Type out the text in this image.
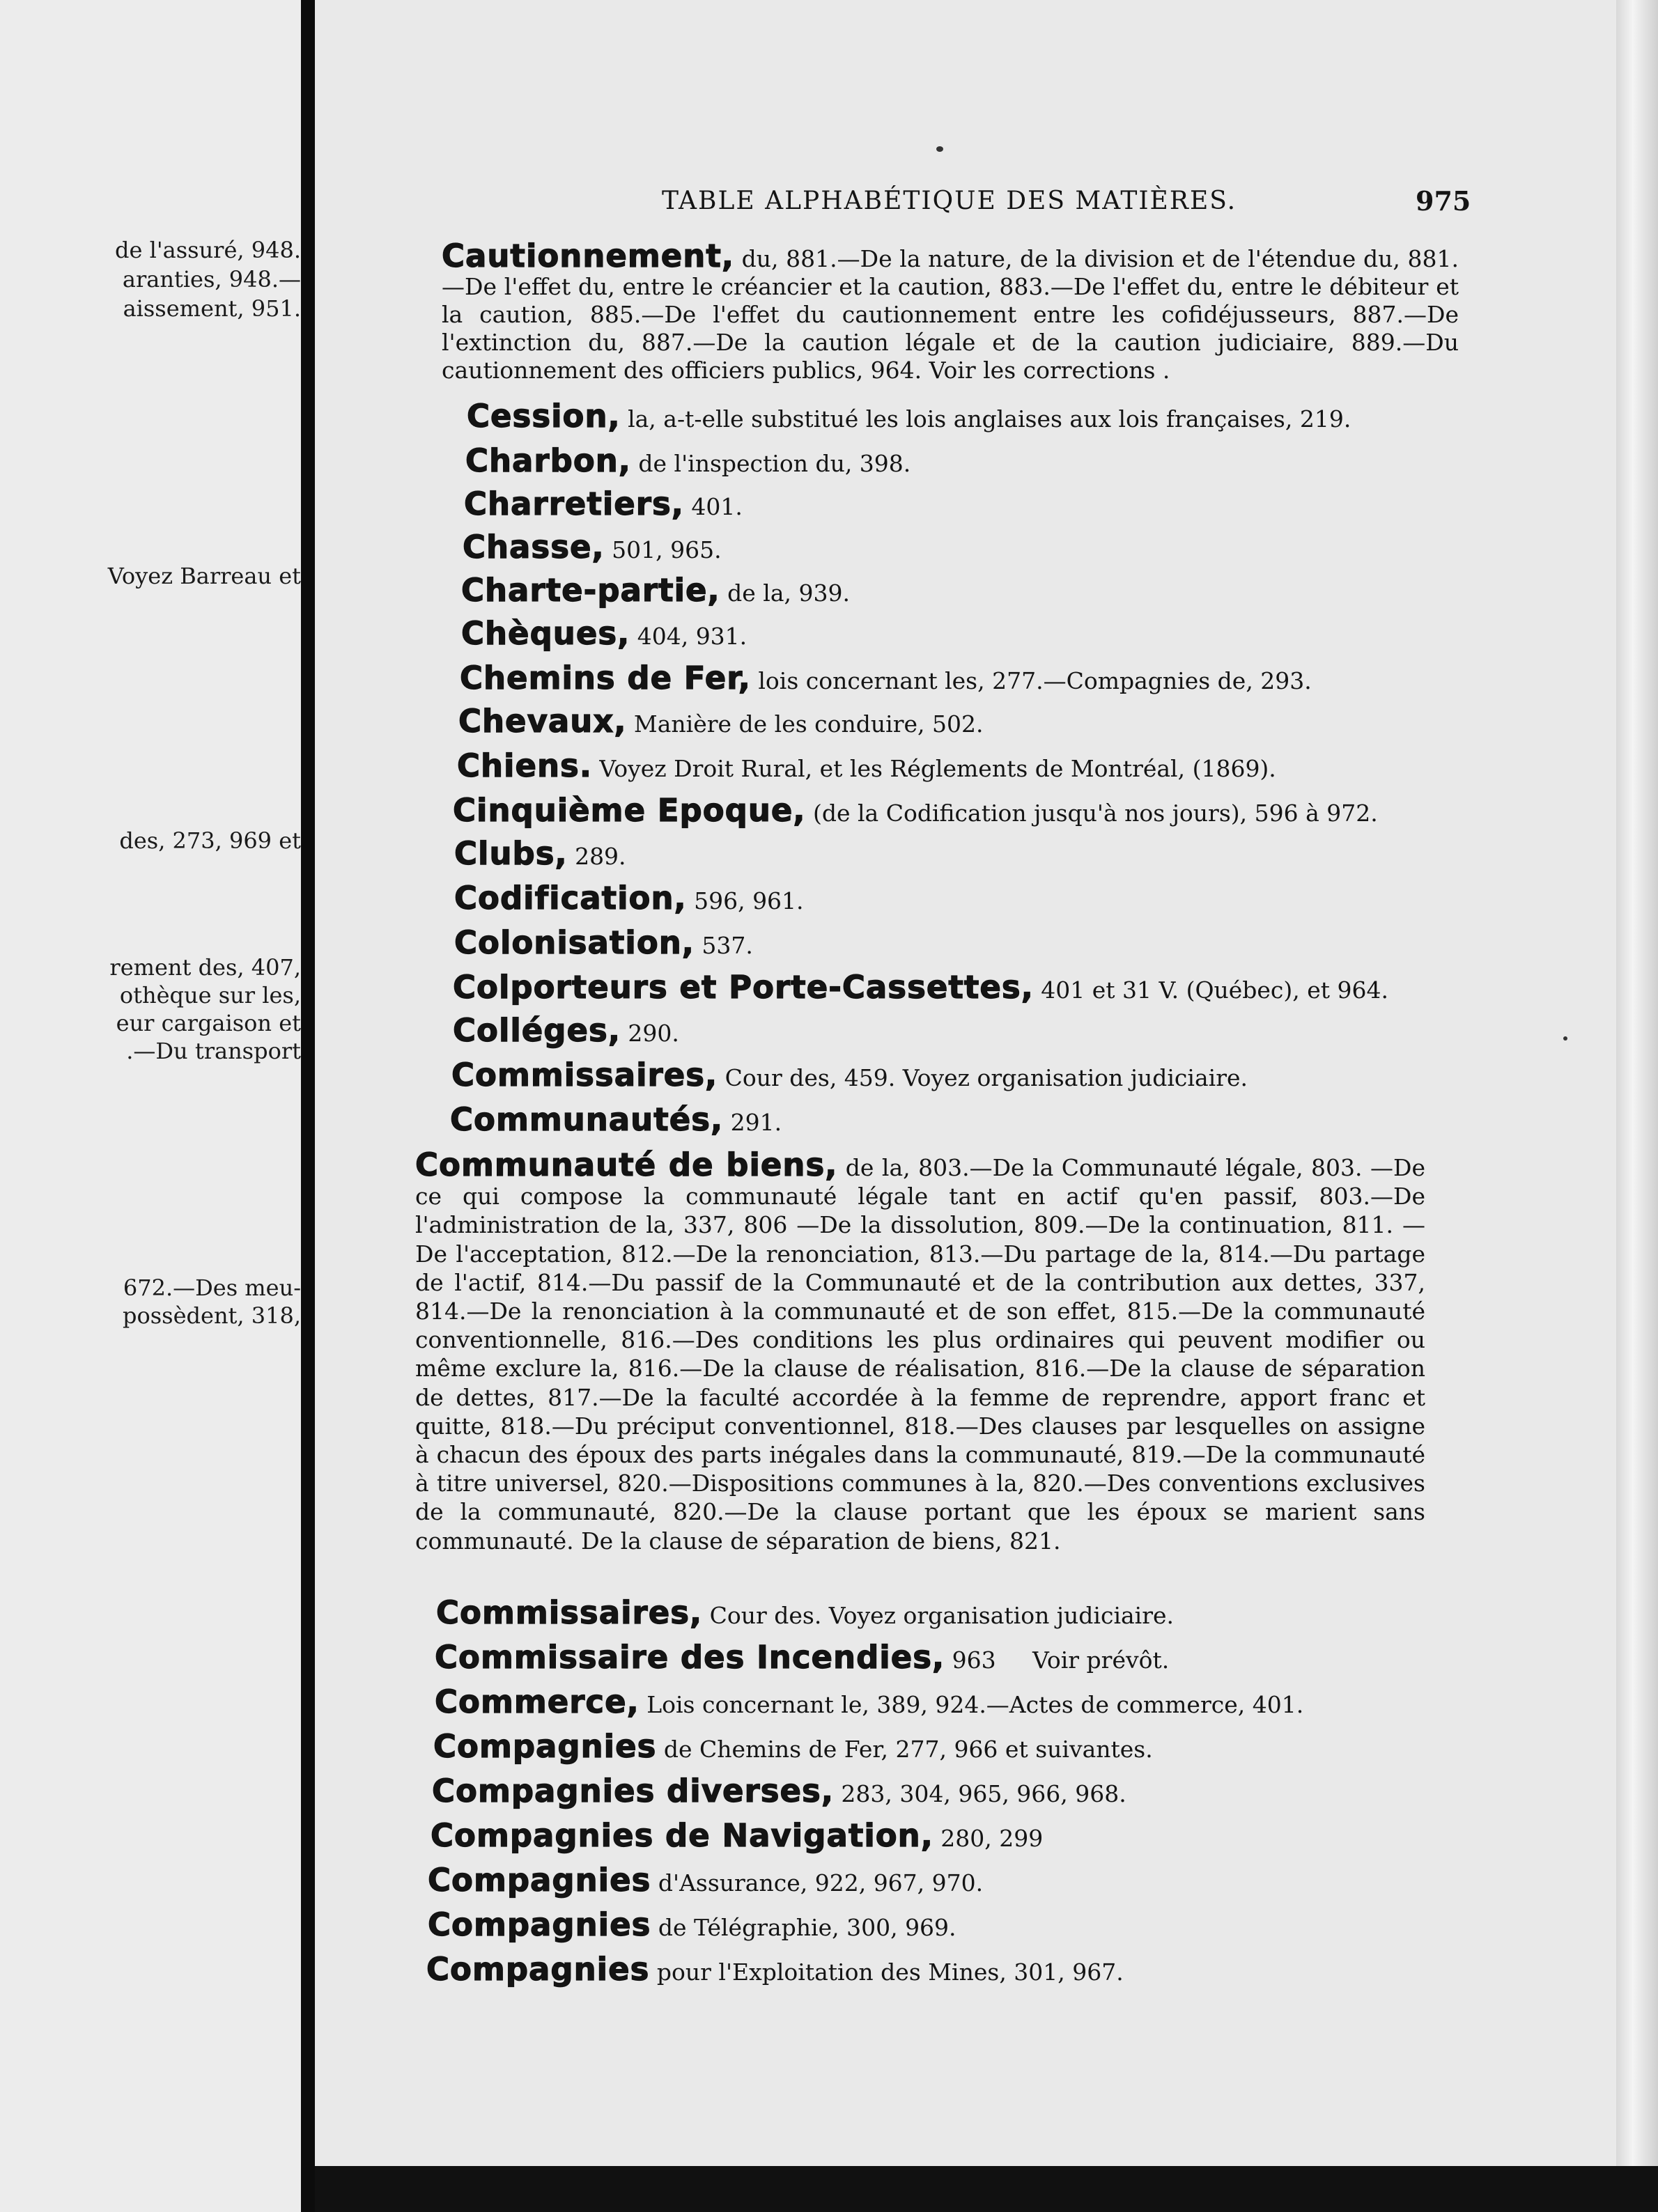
de l'assuré, 948.
aranties, 948.—
aissement, 951.
Voyez Barreau et
des, 273, 969 et
rement des, 407,
othèque sur les,
eur cargaison et
.—Du transport
672.—Des meu-
possèdent, 318,
TABLE ALPHABÉTIQUE DES MATIÈRES.	975
Cautionnement, du, 881.—De la nature, de la division et de l'étendue du, 881.—De l'effet du, entre le créancier et la caution, 883.—De l'effet du, entre le débiteur et la caution, 885.—De l'effet du cautionnement entre les cofidéjusseurs, 887.—De l'extinction du, 887.—De la caution légale et de la caution judiciaire, 889.—Du cautionnement des officiers publics, 964. Voir les corrections .
Cession, la, a-t-elle substitué les lois anglaises aux lois françaises, 219.
Charbon, de l'inspection du, 398.
Charretiers, 401.
Chasse, 501, 965.
Charte-partie, de la, 939.
Chèques, 404, 931.
Chemins de Fer, lois concernant les, 277.—Compagnies de, 293.
Chevaux, Manière de les conduire, 502.
Chiens. Voyez Droit Rural, et les Réglements de Montréal, (1869).
Cinquième Epoque, (de la Codification jusqu'à nos jours), 596 à 972.
Clubs, 289.
Codification, 596, 961.
Colonisation, 537.
Colporteurs et Porte-Cassettes, 401 et 31 V. (Québec), et 964.
Colléges, 290.
Commissaires, Cour des, 459. Voyez organisation judiciaire.
Communautés, 291.
Communauté de biens, de la, 803.—De la Communauté légale, 803. —De ce qui compose la communauté légale tant en actif qu'en passif, 803.—De l'administration de la, 337, 806 —De la dissolution, 809.—De la continuation, 811. —De l'acceptation, 812.—De la renonciation, 813.—Du partage de la, 814.—Du partage de l'actif, 814.—Du passif de la Communauté et de la contribution aux dettes, 337, 814.—De la renonciation à la communauté et de son effet, 815.—De la communauté conventionnelle, 816.—Des conditions les plus ordinaires qui peuvent modifier ou même exclure la, 816.—De la clause de réalisation, 816.—De la clause de séparation de dettes, 817.—De la faculté accordée à la femme de reprendre, apport franc et quitte, 818.—Du préciput conventionnel, 818.—Des clauses par lesquelles on assigne à chacun des époux des parts inégales dans la communauté, 819.—De la communauté à titre universel, 820.—Dispositions communes à la, 820.—Des conventions exclusives de la communauté, 820.—De la clause portant que les époux se marient sans communauté. De la clause de séparation de biens, 821.
Commissaires, Cour des. Voyez organisation judiciaire.
Commissaire des Incendies, 963     Voir prévôt.
Commerce, Lois concernant le, 389, 924.—Actes de commerce, 401.
Compagnies de Chemins de Fer, 277, 966 et suivantes.
Compagnies diverses, 283, 304, 965, 966, 968.
Compagnies de Navigation, 280, 299
Compagnies d'Assurance, 922, 967, 970.
Compagnies de Télégraphie, 300, 969.
Compagnies pour l'Exploitation des Mines, 301, 967.
